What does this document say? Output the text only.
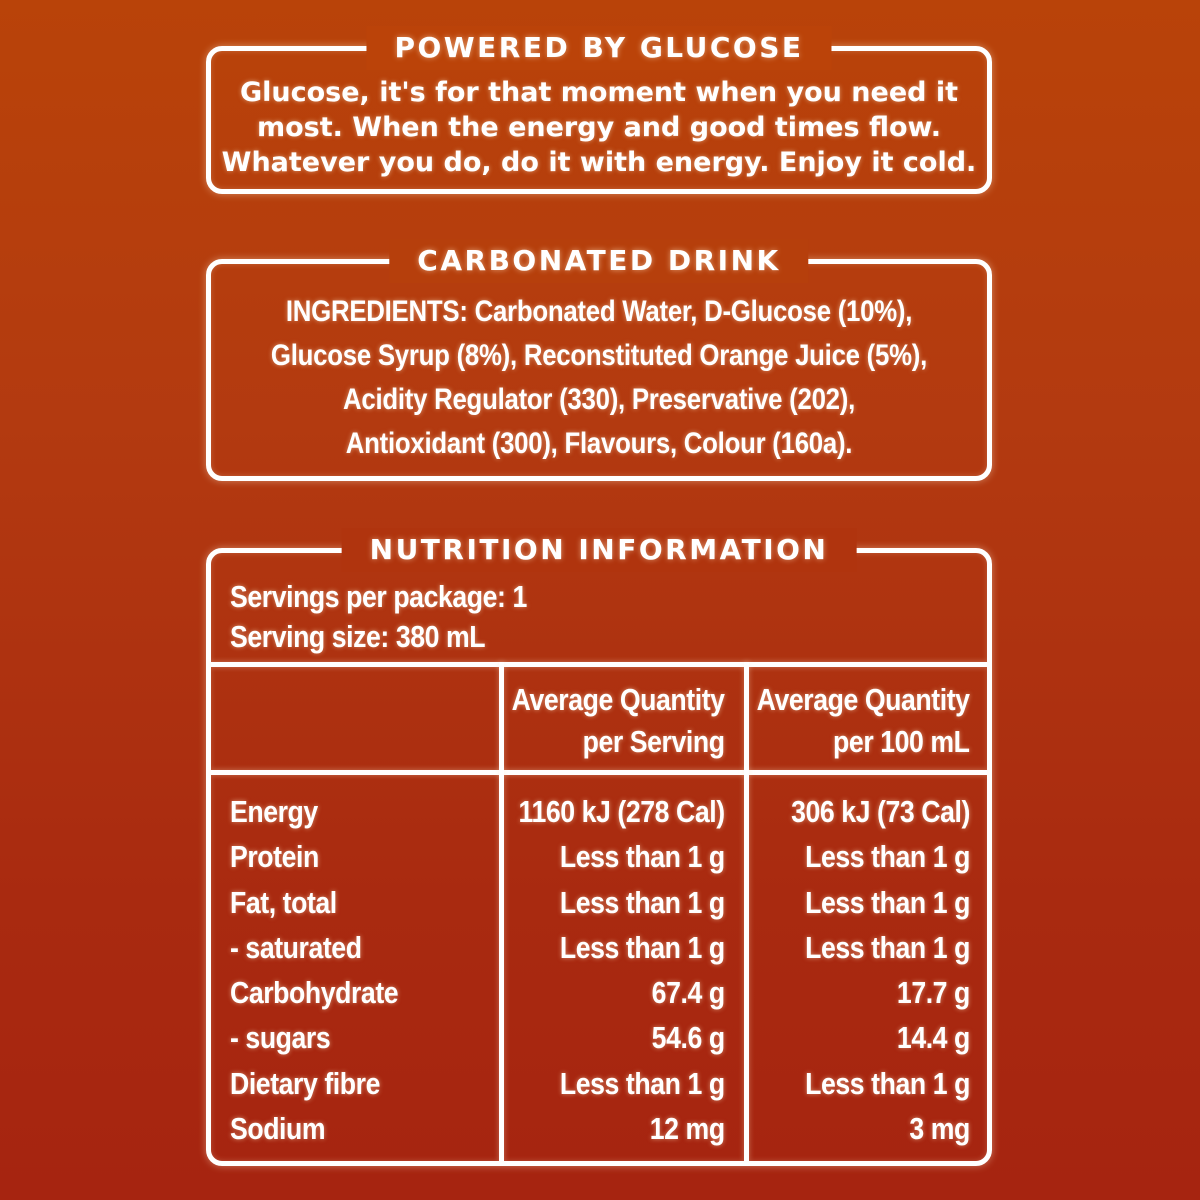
POWERED BY GLUCOSE
Glucose, it's for that moment when you need it
most. When the energy and good times flow.
Whatever you do, do it with energy. Enjoy it cold.
CARBONATED DRINK
INGREDIENTS: Carbonated Water, D-Glucose (10%),
Glucose Syrup (8%), Reconstituted Orange Juice (5%),
Acidity Regulator (330), Preservative (202),
Antioxidant (300), Flavours, Colour (160a).
NUTRITION INFORMATION
Servings per package: 1
Serving size: 380 mL
Average Quantity
per Serving
Average Quantity
per 100 mL
Energy
Protein
Fat, total
- saturated
Carbohydrate
- sugars
Dietary fibre
Sodium
1160 kJ (278 Cal)
Less than 1 g
Less than 1 g
Less than 1 g
67.4 g
54.6 g
Less than 1 g
12 mg
306 kJ (73 Cal)
Less than 1 g
Less than 1 g
Less than 1 g
17.7 g
14.4 g
Less than 1 g
3 mg
